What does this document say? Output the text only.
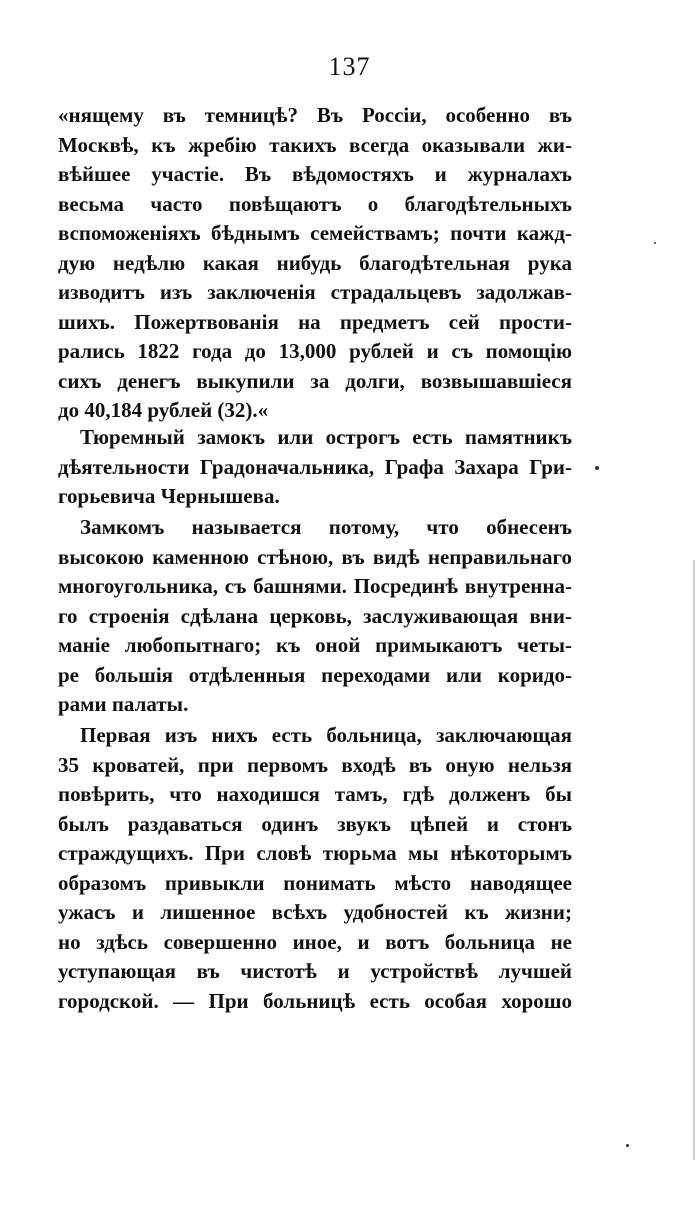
137
«нящему въ темницѣ? Въ Россіи, особенно въ
Москвѣ, къ жребію такихъ всегда оказывали жи-
вѣйшее участіе. Въ вѣдомостяхъ и журналахъ
весьма часто повѣщаютъ о благодѣтельныхъ
вспоможеніяхъ бѣднымъ семействамъ; почти кажд-
дую недѣлю какая нибудь благодѣтельная рука
изводитъ изъ заключенія страдальцевъ задолжав-
шихъ. Пожертвованія на предметъ сей прости-
рались 1822 года до 13,000 рублей и съ помощію
сихъ денегъ выкупили за долги, возвышавшіеся
до 40,184 рублей (32).«
Тюремный замокъ или острогъ есть памятникъ
дѣятельности Градоначальника, Графа Захара Гри-
горьевича Чернышева.
Замкомъ называется потому, что обнесенъ
высокою каменною стѣною, въ видѣ неправильнаго
многоугольника, съ башнями. Посрединѣ внутренна-
го строенія сдѣлана церковь, заслуживающая вни-
маніе любопытнаго; къ оной примыкаютъ четы-
ре большія отдѣленныя переходами или коридо-
рами палаты.
Первая изъ нихъ есть больница, заключающая
35 кроватей, при первомъ входѣ въ оную нельзя
повѣрить, что находишся тамъ, гдѣ долженъ бы
былъ раздаваться одинъ звукъ цѣпей и стонъ
страждущихъ. При словѣ тюрьма мы нѣкоторымъ
образомъ привыкли понимать мѣсто наводящее
ужасъ и лишенное всѣхъ удобностей къ жизни;
но здѣсь совершенно иное, и вотъ больница не
уступающая въ чистотѣ и устройствѣ лучшей
городской. — При больницѣ есть особая хорошо
